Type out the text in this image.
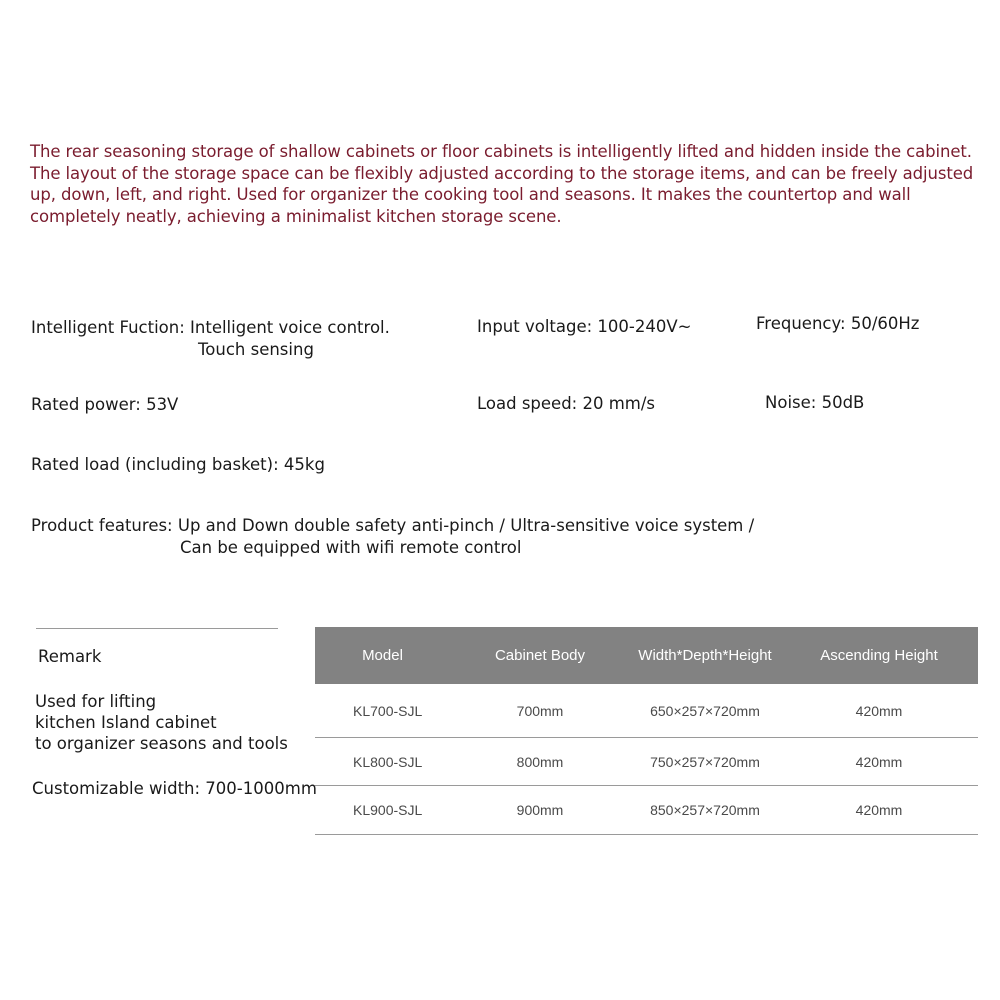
The rear seasoning storage of shallow cabinets or floor cabinets is intelligently lifted and hidden inside the cabinet.
The layout of the storage space can be flexibly adjusted according to the storage items, and can be freely adjusted
up, down, left, and right. Used for organizer the cooking tool and seasons. It makes the countertop and wall
completely neatly, achieving a minimalist kitchen storage scene.
Intelligent Fuction: Intelligent voice control.
Touch sensing
Input voltage: 100-240V~	Frequency: 50/60Hz
Rated power: 53V	Load speed: 20 mm/s	Noise: 50dB
Rated load (including basket): 45kg
Product features: Up and Down double safety anti-pinch / Ultra-sensitive voice system /
Can be equipped with wifi remote control
Remark
Used for lifting
kitchen Island cabinet
to organizer seasons and tools
Customizable width: 700-1000mm
Model	Cabinet Body	Width*Depth*Height	Ascending Height
KL700-SJL	700mm	650×257×720mm	420mm
KL800-SJL	800mm	750×257×720mm	420mm
KL900-SJL	900mm	850×257×720mm	420mm
